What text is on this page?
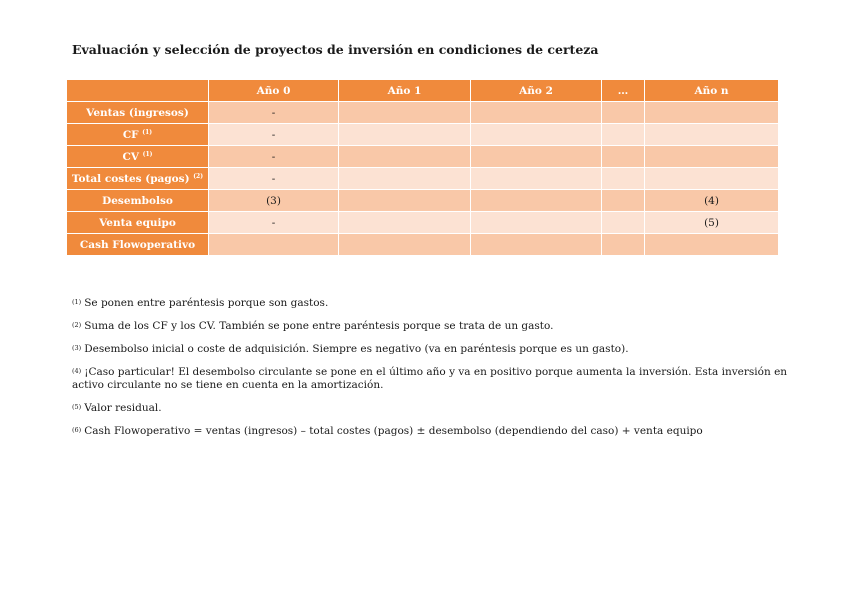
Evaluación y selección de proyectos de inversión en condiciones de certeza
	Año 0	Año 1	Año 2	…	Año n
Ventas (ingresos)	-				
CF $^{(1)}$	-				
CV $^{(1)}$	-				
Total costes (pagos) $^{(2)}$	-				
Desembolso	(3)				(4)
Venta equipo	-				(5)
Cash Flowoperativo					

(1) Se ponen entre paréntesis porque son gastos.

(2) Suma de los CF y los CV. También se pone entre paréntesis porque se trata de un gasto.

(3) Desembolso inicial o coste de adquisición. Siempre es negativo (va en paréntesis porque es un gasto).

(4) ¡Caso particular! El desembolso circulante se pone en el último año y va en positivo porque aumenta la inversión. Esta inversión en activo circulante no se tiene en cuenta en la amortización.

(5) Valor residual.

(6) Cash Flowoperativo = ventas (ingresos) – total costes (pagos) ± desembolso (dependiendo del caso) + venta equipo
